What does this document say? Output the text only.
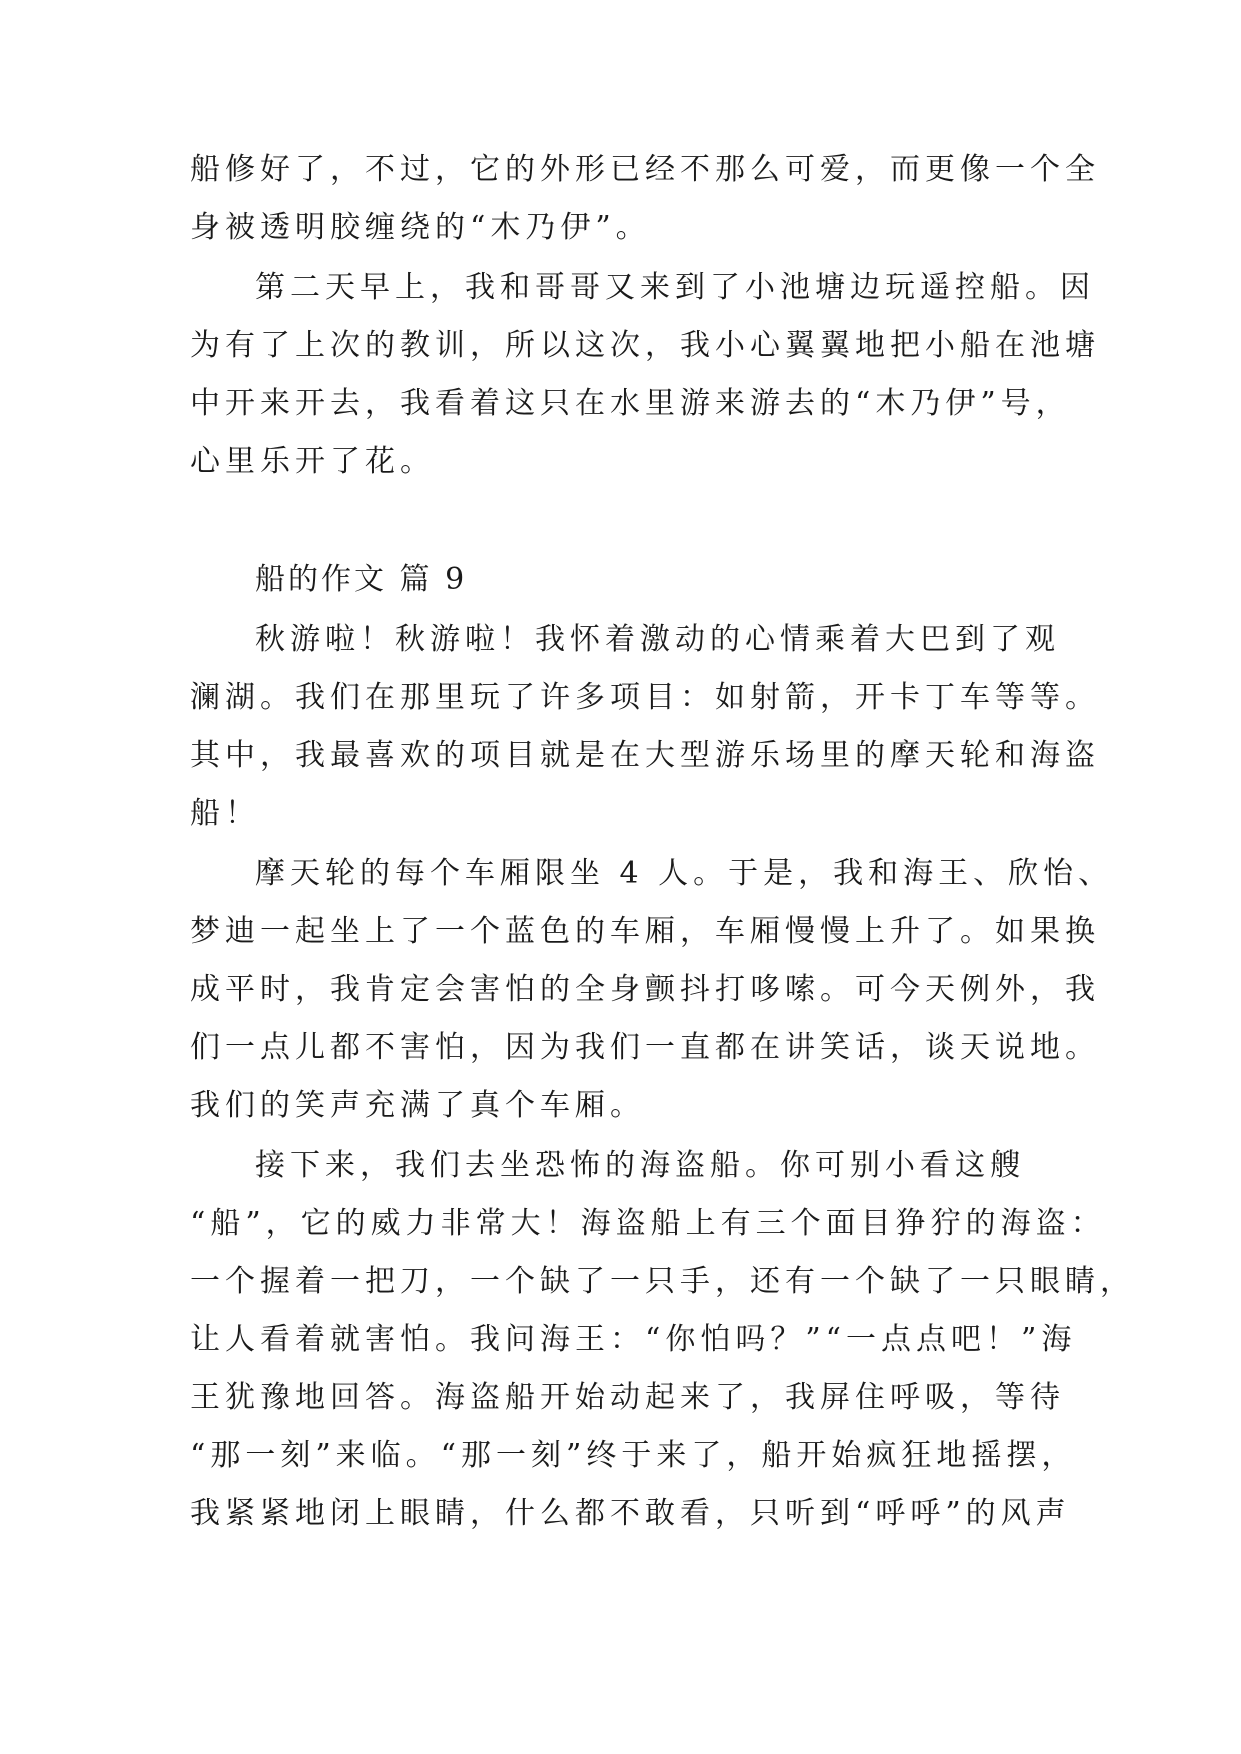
船修好了，不过，它的外形已经不那么可爱，而更像一个全
身被透明胶缠绕的“木乃伊”。
第二天早上，我和哥哥又来到了小池塘边玩遥控船。因
为有了上次的教训，所以这次，我小心翼翼地把小船在池塘
中开来开去，我看着这只在水里游来游去的“木乃伊”号，
心里乐开了花。
船的作文 篇 9
秋游啦！秋游啦！我怀着激动的心情乘着大巴到了观
澜湖。我们在那里玩了许多项目：如射箭，开卡丁车等等。
其中，我最喜欢的项目就是在大型游乐场里的摩天轮和海盗
船！
摩天轮的每个车厢限坐 4 人。于是，我和海王、欣怡、
梦迪一起坐上了一个蓝色的车厢，车厢慢慢上升了。如果换
成平时，我肯定会害怕的全身颤抖打哆嗦。可今天例外，我
们一点儿都不害怕，因为我们一直都在讲笑话，谈天说地。
我们的笑声充满了真个车厢。
接下来，我们去坐恐怖的海盗船。你可别小看这艘
“船”，它的威力非常大！海盗船上有三个面目狰狞的海盗：
一个握着一把刀，一个缺了一只手，还有一个缺了一只眼睛，
让人看着就害怕。我问海王：“你怕吗？”“一点点吧！”海
王犹豫地回答。海盗船开始动起来了，我屏住呼吸，等待
“那一刻”来临。“那一刻”终于来了，船开始疯狂地摇摆，
我紧紧地闭上眼睛，什么都不敢看，只听到“呼呼”的风声
